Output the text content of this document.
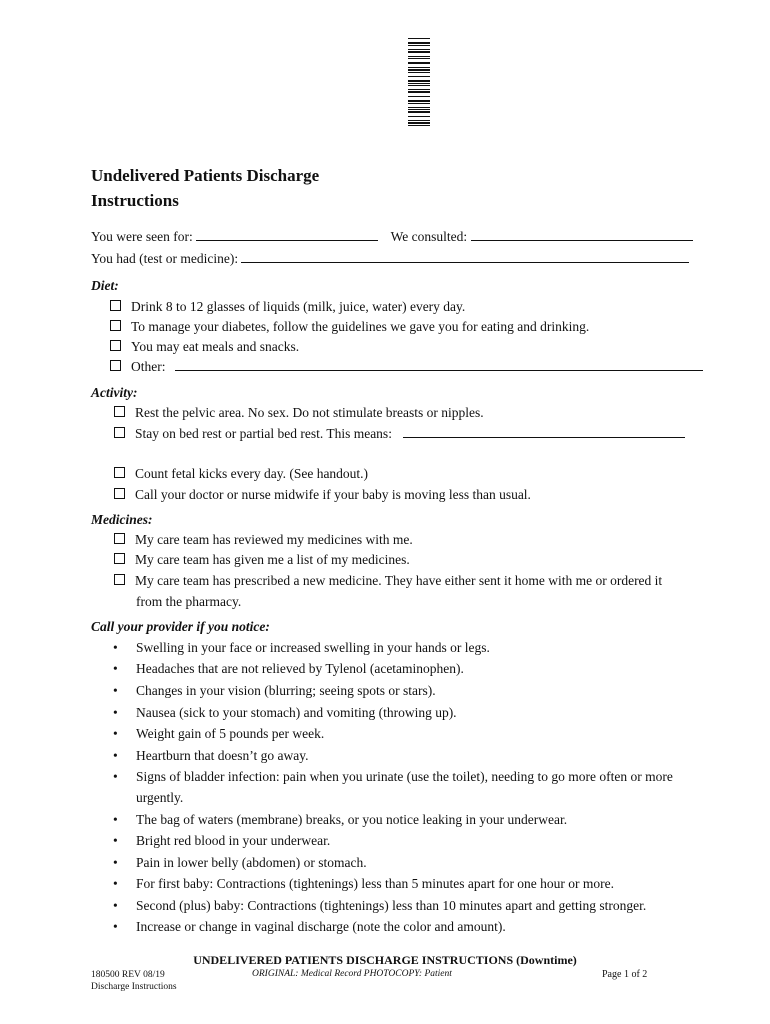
Undelivered Patients Discharge
Instructions
You were seen for:	We consulted:
You had (test or medicine):
Diet:
Drink 8 to 12 glasses of liquids (milk, juice, water) every day.
To manage your diabetes, follow the guidelines we gave you for eating and drinking.
You may eat meals and snacks.
Other:
Activity:
Rest the pelvic area. No sex. Do not stimulate breasts or nipples.
Stay on bed rest or partial bed rest. This means:
Count fetal kicks every day. (See handout.)
Call your doctor or nurse midwife if your baby is moving less than usual.
Medicines:
My care team has reviewed my medicines with me.
My care team has given me a list of my medicines.
My care team has prescribed a new medicine. They have either sent it home with me or ordered it
from the pharmacy.
Call your provider if you notice:
• Swelling in your face or increased swelling in your hands or legs.
• Headaches that are not relieved by Tylenol (acetaminophen).
• Changes in your vision (blurring; seeing spots or stars).
• Nausea (sick to your stomach) and vomiting (throwing up).
• Weight gain of 5 pounds per week.
• Heartburn that doesn’t go away.
• Signs of bladder infection: pain when you urinate (use the toilet), needing to go more often or more
urgently.
• The bag of waters (membrane) breaks, or you notice leaking in your underwear.
• Bright red blood in your underwear.
• Pain in lower belly (abdomen) or stomach.
• For first baby: Contractions (tightenings) less than 5 minutes apart for one hour or more.
• Second (plus) baby: Contractions (tightenings) less than 10 minutes apart and getting stronger.
• Increase or change in vaginal discharge (note the color and amount).
UNDELIVERED PATIENTS DISCHARGE INSTRUCTIONS (Downtime)
180500 REV 08/19
Discharge Instructions
ORIGINAL: Medical Record PHOTOCOPY: Patient	Page 1 of 2
